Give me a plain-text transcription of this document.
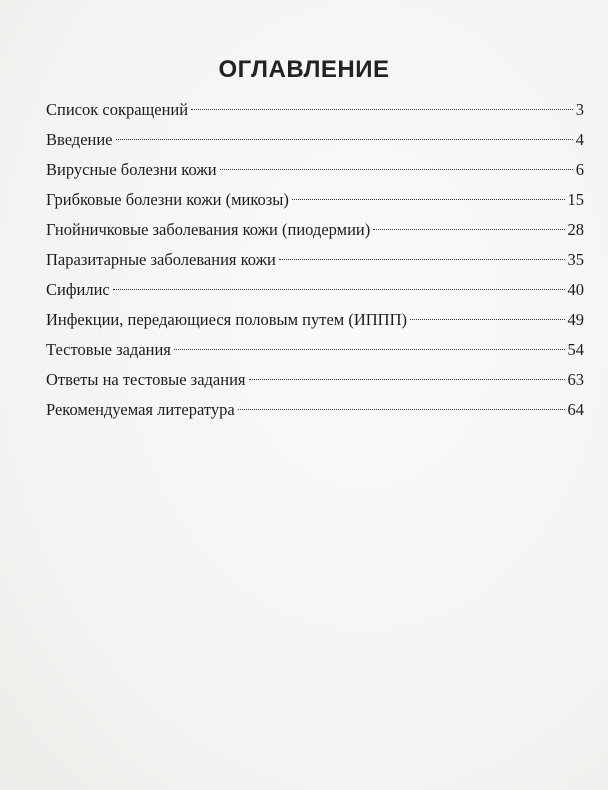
ОГЛАВЛЕНИЕ
Список сокращений	3
Введение	4
Вирусные болезни кожи	6
Грибковые болезни кожи (микозы)	15
Гнойничковые заболевания кожи (пиодермии)	28
Паразитарные заболевания кожи	35
Сифилис	40
Инфекции, передающиеся половым путем (ИППП)	49
Тестовые задания	54
Ответы на тестовые задания	63
Рекомендуемая литература	64
